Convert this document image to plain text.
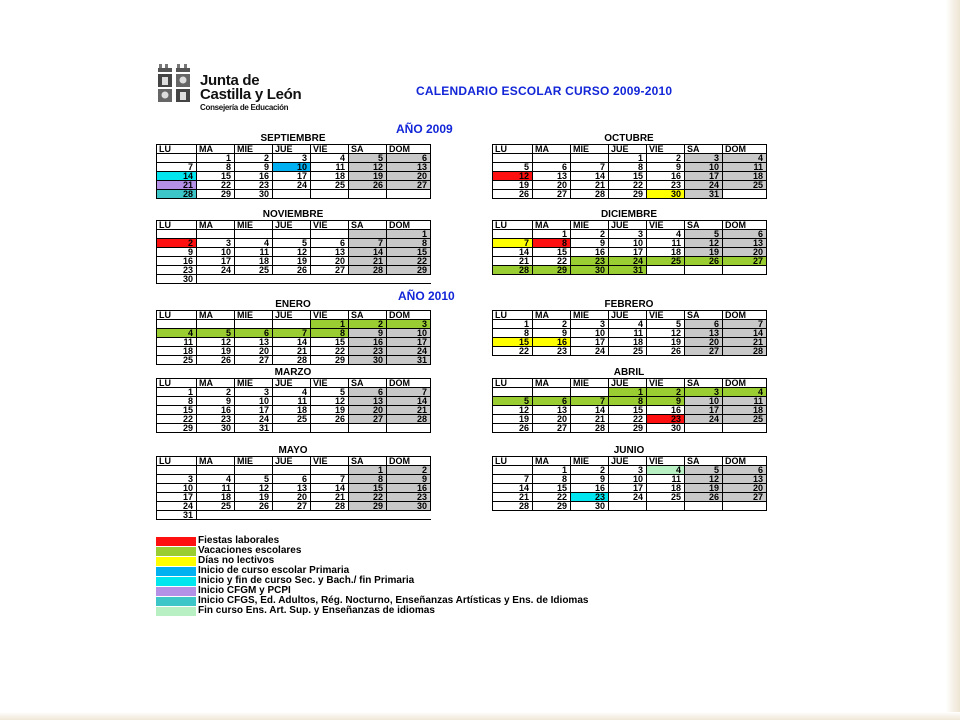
Junta de
Castilla y León
Consejería de Educación
CALENDARIO ESCOLAR CURSO 2009-2010
AÑO 2009
AÑO 2010
SEPTIEMBRE
LU	MA	MIE	JUE	VIE	SA	DOM
	1	2	3	4	5	6
7	8	9	10	11	12	13
14	15	16	17	18	19	20
21	22	23	24	25	26	27
28	29	30				
OCTUBRE
LU	MA	MIE	JUE	VIE	SA	DOM
			1	2	3	4
5	6	7	8	9	10	11
12	13	14	15	16	17	18
19	20	21	22	23	24	25
26	27	28	29	30	31	
NOVIEMBRE
LU	MA	MIE	JUE	VIE	SA	DOM
						1
2	3	4	5	6	7	8
9	10	11	12	13	14	15
16	17	18	19	20	21	22
23	24	25	26	27	28	29
30						
DICIEMBRE
LU	MA	MIE	JUE	VIE	SA	DOM
	1	2	3	4	5	6
7	8	9	10	11	12	13
14	15	16	17	18	19	20
21	22	23	24	25	26	27
28	29	30	31			
ENERO
LU	MA	MIE	JUE	VIE	SA	DOM
				1	2	3
4	5	6	7	8	9	10
11	12	13	14	15	16	17
18	19	20	21	22	23	24
25	26	27	28	29	30	31
FEBRERO
LU	MA	MIE	JUE	VIE	SA	DOM
1	2	3	4	5	6	7
8	9	10	11	12	13	14
15	16	17	18	19	20	21
22	23	24	25	26	27	28
MARZO
LU	MA	MIE	JUE	VIE	SA	DOM
1	2	3	4	5	6	7
8	9	10	11	12	13	14
15	16	17	18	19	20	21
22	23	24	25	26	27	28
29	30	31				
ABRIL
LU	MA	MIE	JUE	VIE	SA	DOM
			1	2	3	4
5	6	7	8	9	10	11
12	13	14	15	16	17	18
19	20	21	22	23	24	25
26	27	28	29	30		
MAYO
LU	MA	MIE	JUE	VIE	SA	DOM
					1	2
3	4	5	6	7	8	9
10	11	12	13	14	15	16
17	18	19	20	21	22	23
24	25	26	27	28	29	30
31						
JUNIO
LU	MA	MIE	JUE	VIE	SA	DOM
	1	2	3	4	5	6
7	8	9	10	11	12	13
14	15	16	17	18	19	20
21	22	23	24	25	26	27
28	29	30				
Fiestas laborales
Vacaciones escolares
Días no lectivos
Inicio de curso escolar Primaria
Inicio y fin de curso Sec. y Bach./ fin Primaria
Inicio CFGM y PCPI
Inicio CFGS, Ed. Adultos, Rég. Nocturno, Enseñanzas Artísticas y Ens. de Idiomas
Fin curso Ens. Art. Sup. y Enseñanzas de idiomas
